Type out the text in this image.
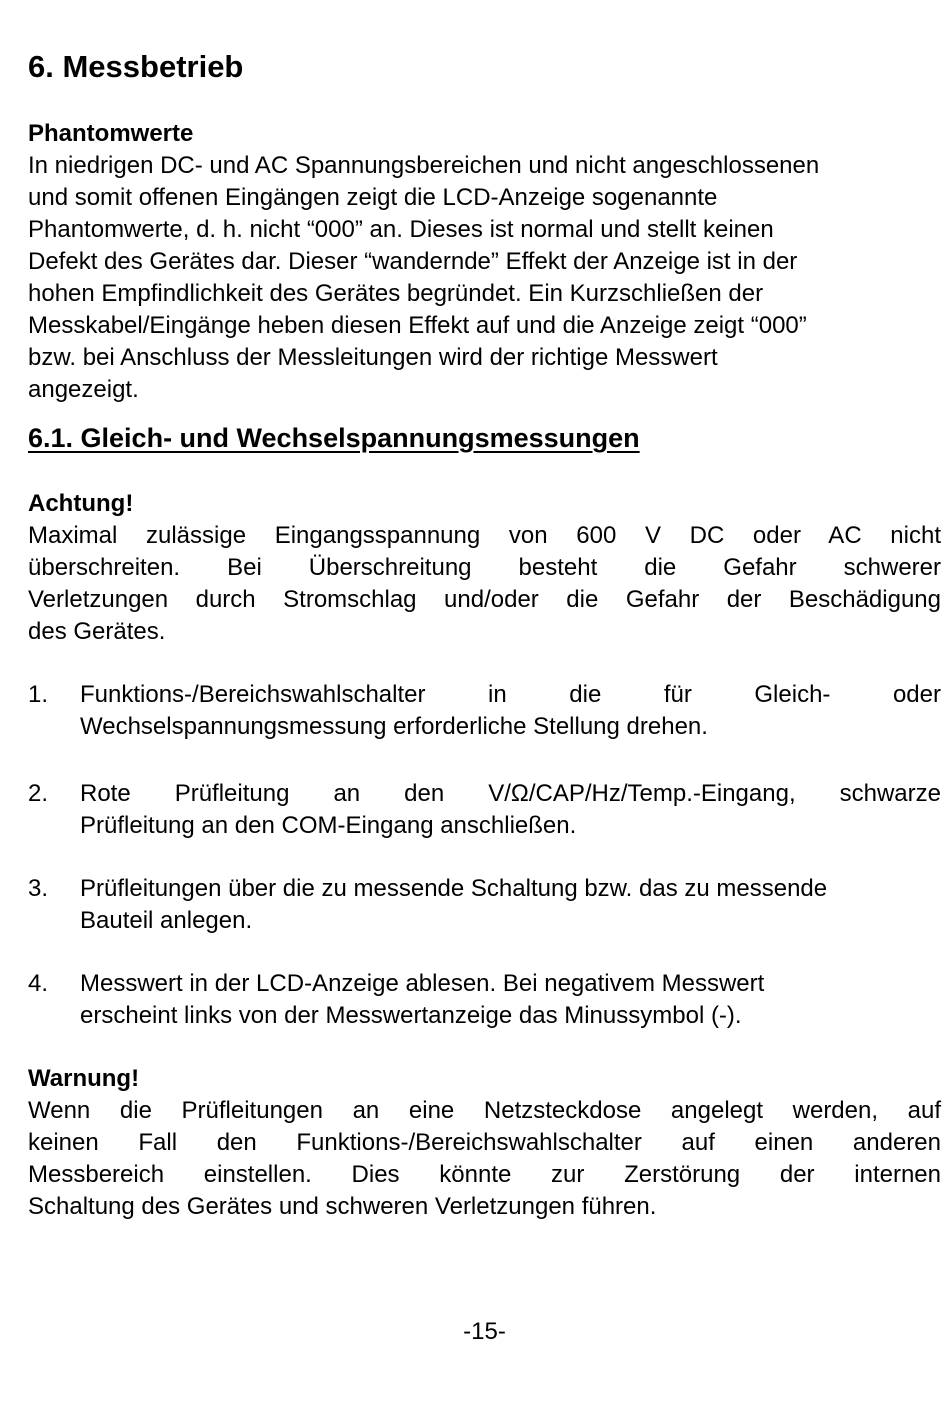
6. Messbetrieb
Phantomwerte

In niedrigen DC- und AC Spannungsbereichen und nicht angeschlossenen
und somit offenen Eingängen zeigt die LCD-Anzeige sogenannte
Phantomwerte, d. h. nicht “000” an. Dieses ist normal und stellt keinen
Defekt des Gerätes dar. Dieser “wandernde” Effekt der Anzeige ist in der
hohen Empfindlichkeit des Gerätes begründet. Ein Kurzschließen der
Messkabel/Eingänge heben diesen Effekt auf und die Anzeige zeigt “000”
bzw. bei Anschluss der Messleitungen wird der richtige Messwert
angezeigt.

6.1. Gleich- und Wechselspannungsmessungen
Achtung!

Maximal zulässige Eingangsspannung von 600 V DC oder AC nicht
überschreiten. Bei Überschreitung besteht die Gefahr schwerer
Verletzungen durch Stromschlag und/oder die Gefahr der Beschädigung
des Gerätes.

1.	Funktions-/Bereichswahlschalter in die für Gleich- oder
Wechselspannungsmessung erforderliche Stellung drehen.
2.	Rote Prüfleitung an den V/Ω/CAP/Hz/Temp.-Eingang, schwarze
Prüfleitung an den COM-Eingang anschließen.
3.	Prüfleitungen über die zu messende Schaltung bzw. das zu messende
Bauteil anlegen.
4.	Messwert in der LCD-Anzeige ablesen. Bei negativem Messwert
erscheint links von der Messwertanzeige das Minussymbol (-).
Warnung!

Wenn die Prüfleitungen an eine Netzsteckdose angelegt werden, auf
keinen Fall den Funktions-/Bereichswahlschalter auf einen anderen
Messbereich einstellen. Dies könnte zur Zerstörung der internen
Schaltung des Gerätes und schweren Verletzungen führen.

-15-
